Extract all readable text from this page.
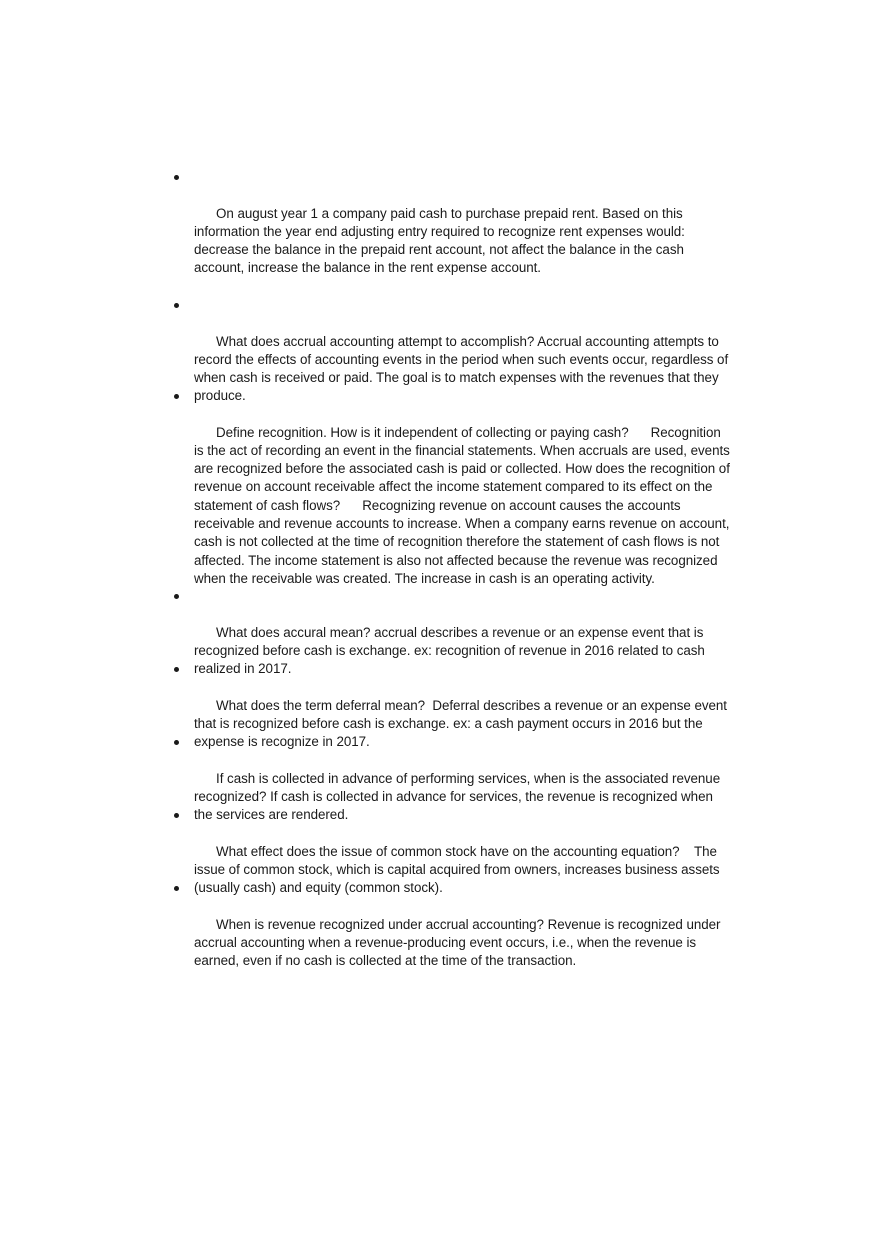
On august year 1 a company paid cash to purchase prepaid rent. Based on this information the year end adjusting entry required to recognize rent expenses would: decrease the balance in the prepaid rent account, not affect the balance in the cash account, increase the balance in the rent expense account.

What does accrual accounting attempt to accomplish? Accrual accounting attempts to record the effects of accounting events in the period when such events occur, regardless of when cash is received or paid. The goal is to match expenses with the revenues that they produce.

Define recognition. How is it independent of collecting or paying cash?      Recognition is the act of recording an event in the financial statements. When accruals are used, events are recognized before the associated cash is paid or collected. How does the recognition of revenue on account receivable affect the income statement compared to its effect on the statement of cash flows?      Recognizing revenue on account causes the accounts receivable and revenue accounts to increase. When a company earns revenue on account, cash is not collected at the time of recognition therefore the statement of cash flows is not affected. The income statement is also not affected because the revenue was recognized when the receivable was created. The increase in cash is an operating activity.

What does accural mean? accrual describes a revenue or an expense event that is recognized before cash is exchange. ex: recognition of revenue in 2016 related to cash realized in 2017.

What does the term deferral mean?  Deferral describes a revenue or an expense event that is recognized before cash is exchange. ex: a cash payment occurs in 2016 but the expense is recognize in 2017.

If cash is collected in advance of performing services, when is the associated revenue recognized? If cash is collected in advance for services, the revenue is recognized when the services are rendered.

What effect does the issue of common stock have on the accounting equation?    The issue of common stock, which is capital acquired from owners, increases business assets (usually cash) and equity (common stock).

When is revenue recognized under accrual accounting? Revenue is recognized under accrual accounting when a revenue-producing event occurs, i.e., when the revenue is earned, even if no cash is collected at the time of the transaction.
